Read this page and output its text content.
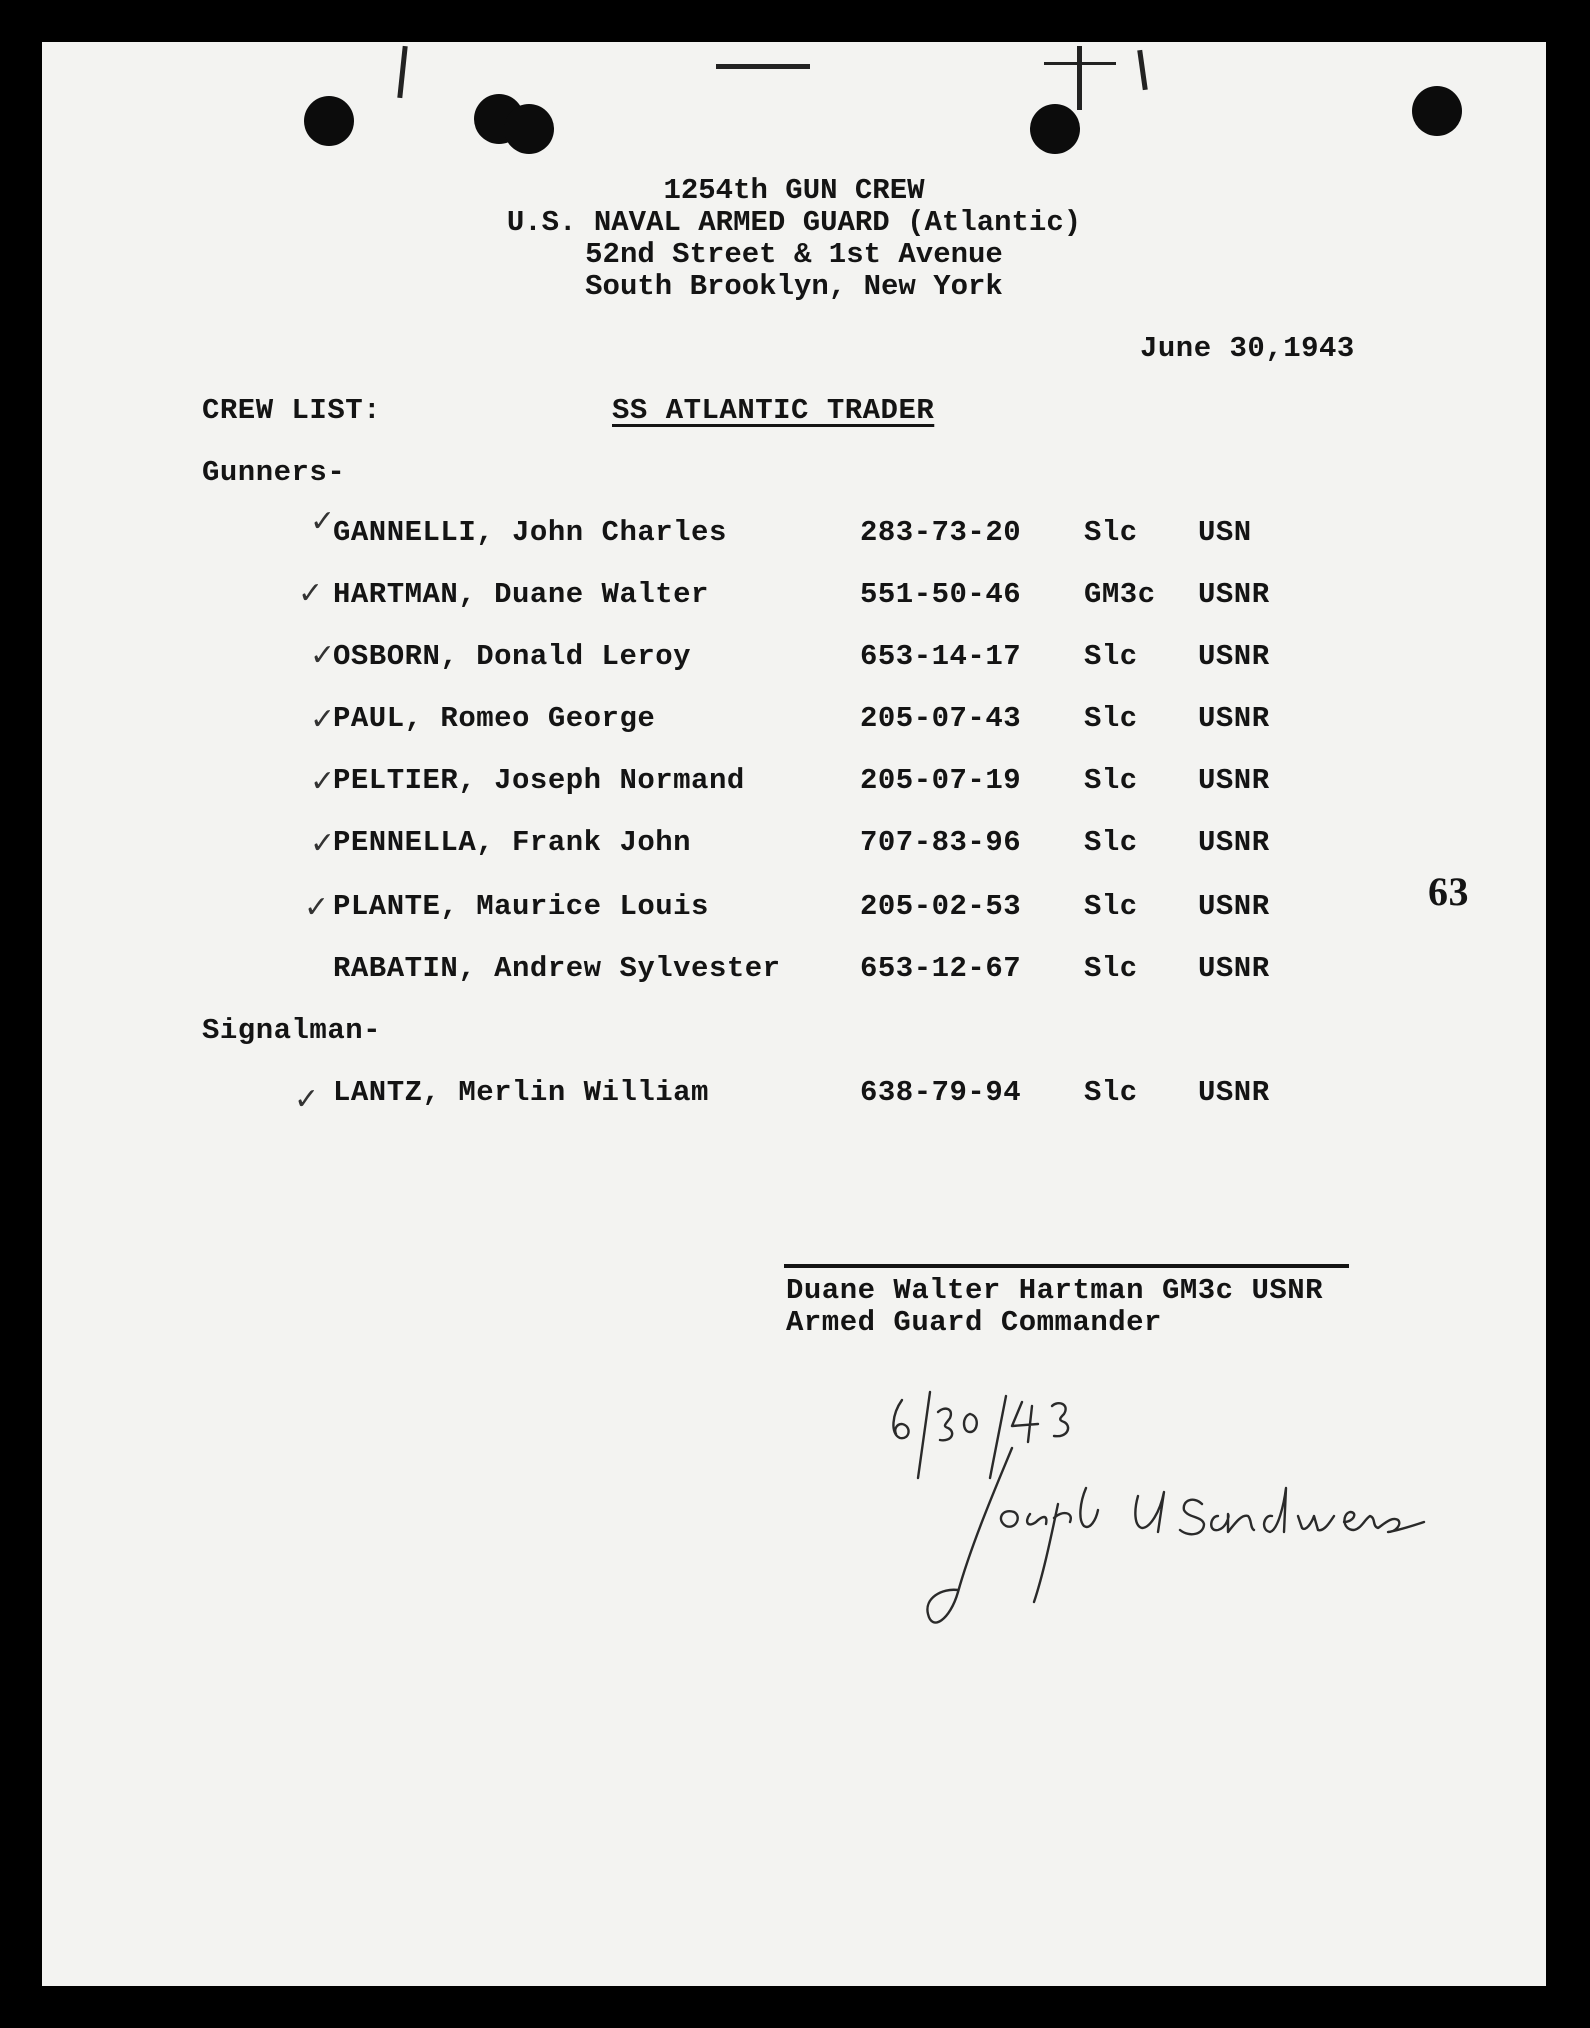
1254th GUN CREW
U.S. NAVAL ARMED GUARD (Atlantic)
52nd Street & 1st Avenue
South Brooklyn, New York
June 30,1943
CREW LIST:	SS ATLANTIC TRADER
Gunners-
✓
GANNELLI, John Charles	283-73-20 Slc USN
✓ HARTMAN, Duane Walter	551-50-46 GM3c USNR
✓
OSBORN, Donald Leroy	653-14-17 Slc USNR
✓
PAUL, Romeo George	205-07-43 Slc USNR
✓
PELTIER, Joseph Normand	205-07-19 Slc USNR
✓
PENNELLA, Frank John	707-83-96 Slc USNR
✓ PLANTE, Maurice Louis	205-02-53 Slc USNR
RABATIN, Andrew Sylvester	653-12-67 Slc USNR
Signalman-
✓ LANTZ, Merlin William	638-79-94 Slc USNR
63
Duane Walter Hartman GM3c USNR
Armed Guard Commander
